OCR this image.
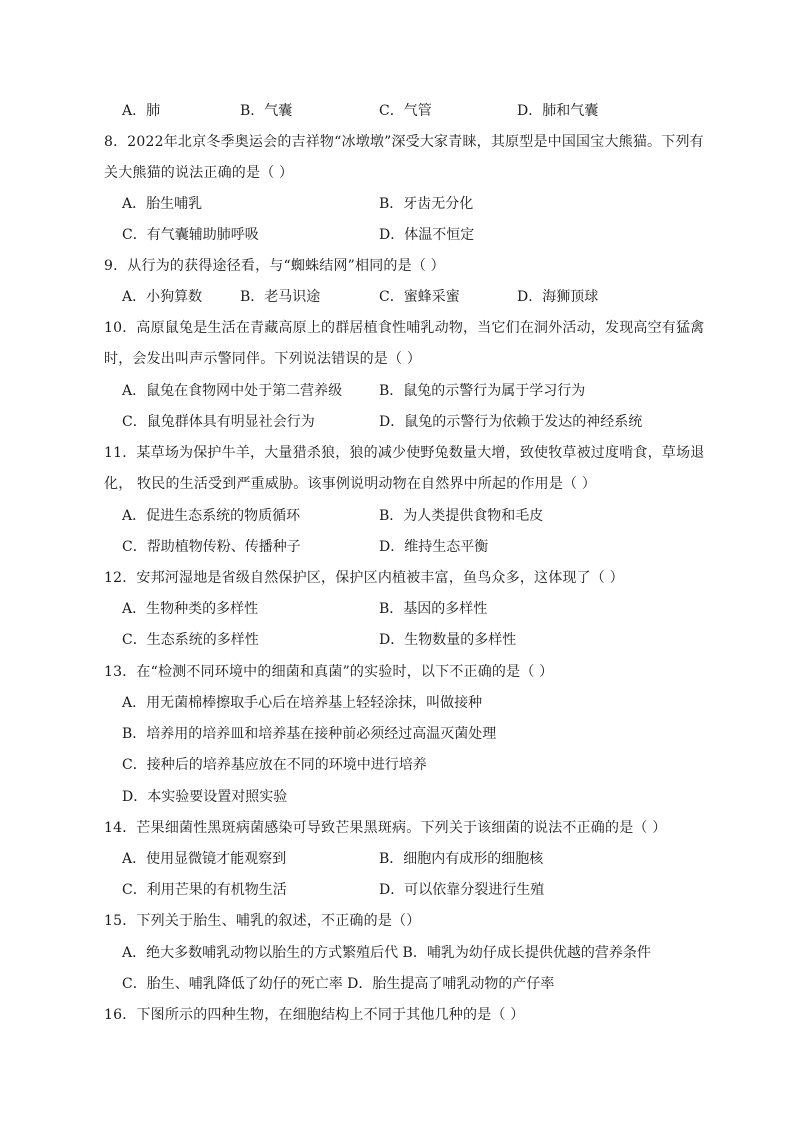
A．肺	B．气囊	C．气管	D．肺和气囊
8．2022年北京冬季奥运会的吉祥物“冰墩墩”深受大家青睐，其原型是中国国宝大熊猫。下列有
关大熊猫的说法正确的是（ ）
A．胎生哺乳	B．牙齿无分化
C．有气囊辅助肺呼吸	D．体温不恒定
9．从行为的获得途径看，与“蜘蛛结网”相同的是（ ）
A．小狗算数	B．老马识途	C．蜜蜂采蜜	D．海狮顶球
10．高原鼠兔是生活在青藏高原上的群居植食性哺乳动物，当它们在洞外活动，发现高空有猛禽
时，会发出叫声示警同伴。下列说法错误的是（ ）
A．鼠兔在食物网中处于第二营养级	B．鼠兔的示警行为属于学习行为
C．鼠兔群体具有明显社会行为	D．鼠兔的示警行为依赖于发达的神经系统
11．某草场为保护牛羊，大量猎杀狼，狼的减少使野兔数量大增，致使牧草被过度啃食，草场退
化， 牧民的生活受到严重威胁。该事例说明动物在自然界中所起的作用是（ ）
A．促进生态系统的物质循环	B．为人类提供食物和毛皮
C．帮助植物传粉、传播种子	D．维持生态平衡
12．安邦河湿地是省级自然保护区，保护区内植被丰富，鱼鸟众多，这体现了（ ）
A．生物种类的多样性	B．基因的多样性
C．生态系统的多样性	D．生物数量的多样性
13．在“检测不同环境中的细菌和真菌”的实验时，以下不正确的是（ ）
A．用无菌棉棒擦取手心后在培养基上轻轻涂抹，叫做接种
B．培养用的培养皿和培养基在接种前必须经过高温灭菌处理
C．接种后的培养基应放在不同的环境中进行培养
D．本实验要设置对照实验
14．芒果细菌性黑斑病菌感染可导致芒果黑斑病。下列关于该细菌的说法不正确的是（ ）
A．使用显微镜才能观察到	B．细胞内有成形的细胞核
C．利用芒果的有机物生活	D．可以依靠分裂进行生殖
15．下列关于胎生、哺乳的叙述，不正确的是（）
A．绝大多数哺乳动物以胎生的方式繁殖后代 B．哺乳为幼仔成长提供优越的营养条件
C．胎生、哺乳降低了幼仔的死亡率 D．胎生提高了哺乳动物的产仔率
16．下图所示的四种生物，在细胞结构上不同于其他几种的是（ ）
